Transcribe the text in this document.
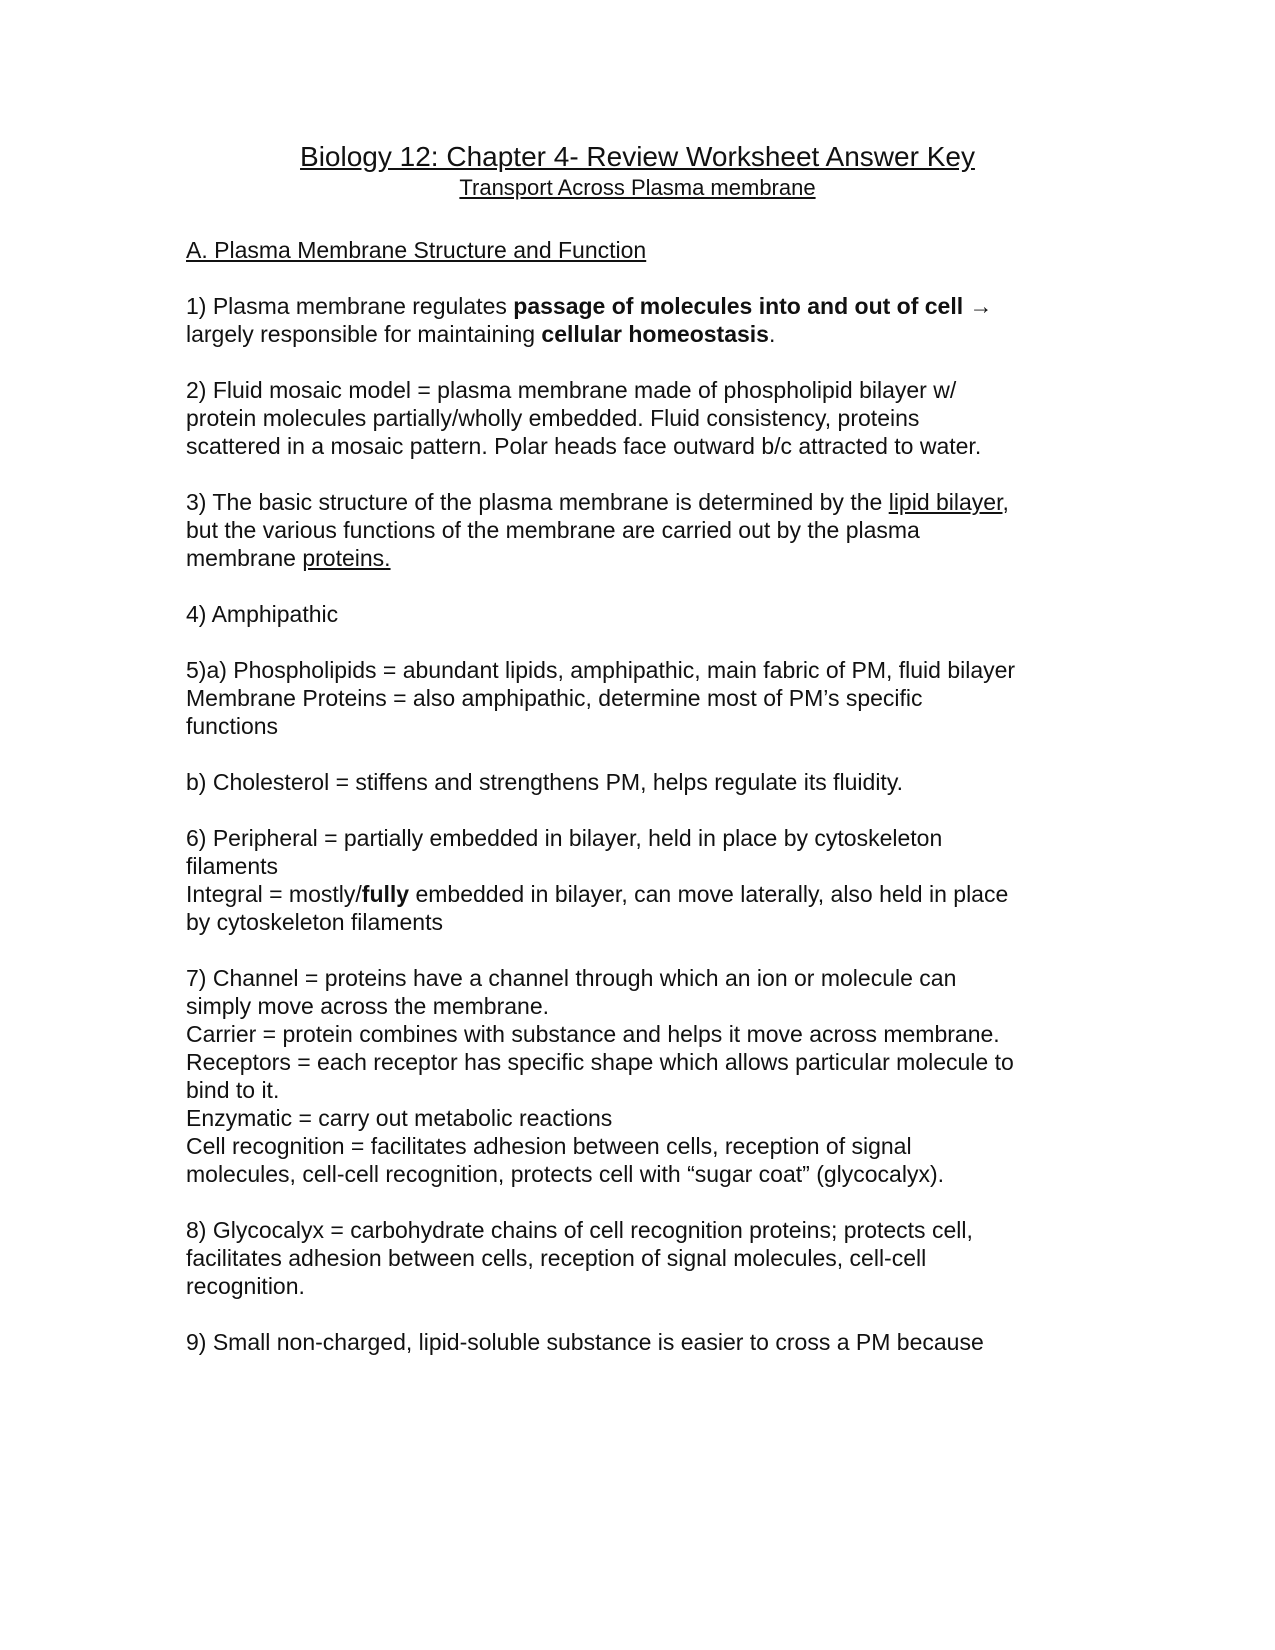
Biology 12: Chapter 4- Review Worksheet Answer Key
Transport Across Plasma membrane

A. Plasma Membrane Structure and Function

1) Plasma membrane regulates passage of molecules into and out of cell →
largely responsible for maintaining cellular homeostasis.

2) Fluid mosaic model = plasma membrane made of phospholipid bilayer w/
protein molecules partially/wholly embedded. Fluid consistency, proteins
scattered in a mosaic pattern. Polar heads face outward b/c attracted to water.

3) The basic structure of the plasma membrane is determined by the lipid bilayer,
but the various functions of the membrane are carried out by the plasma
membrane proteins.

4) Amphipathic

5)a) Phospholipids = abundant lipids, amphipathic, main fabric of PM, fluid bilayer
Membrane Proteins = also amphipathic, determine most of PM’s specific
functions

b) Cholesterol = stiffens and strengthens PM, helps regulate its fluidity.

6) Peripheral = partially embedded in bilayer, held in place by cytoskeleton
filaments
Integral = mostly/fully embedded in bilayer, can move laterally, also held in place
by cytoskeleton filaments

7) Channel = proteins have a channel through which an ion or molecule can
simply move across the membrane.
Carrier = protein combines with substance and helps it move across membrane.
Receptors = each receptor has specific shape which allows particular molecule to
bind to it.
Enzymatic = carry out metabolic reactions
Cell recognition = facilitates adhesion between cells, reception of signal
molecules, cell-cell recognition, protects cell with “sugar coat” (glycocalyx).

8) Glycocalyx = carbohydrate chains of cell recognition proteins; protects cell,
facilitates adhesion between cells, reception of signal molecules, cell-cell
recognition.

9) Small non-charged, lipid-soluble substance is easier to cross a PM because
